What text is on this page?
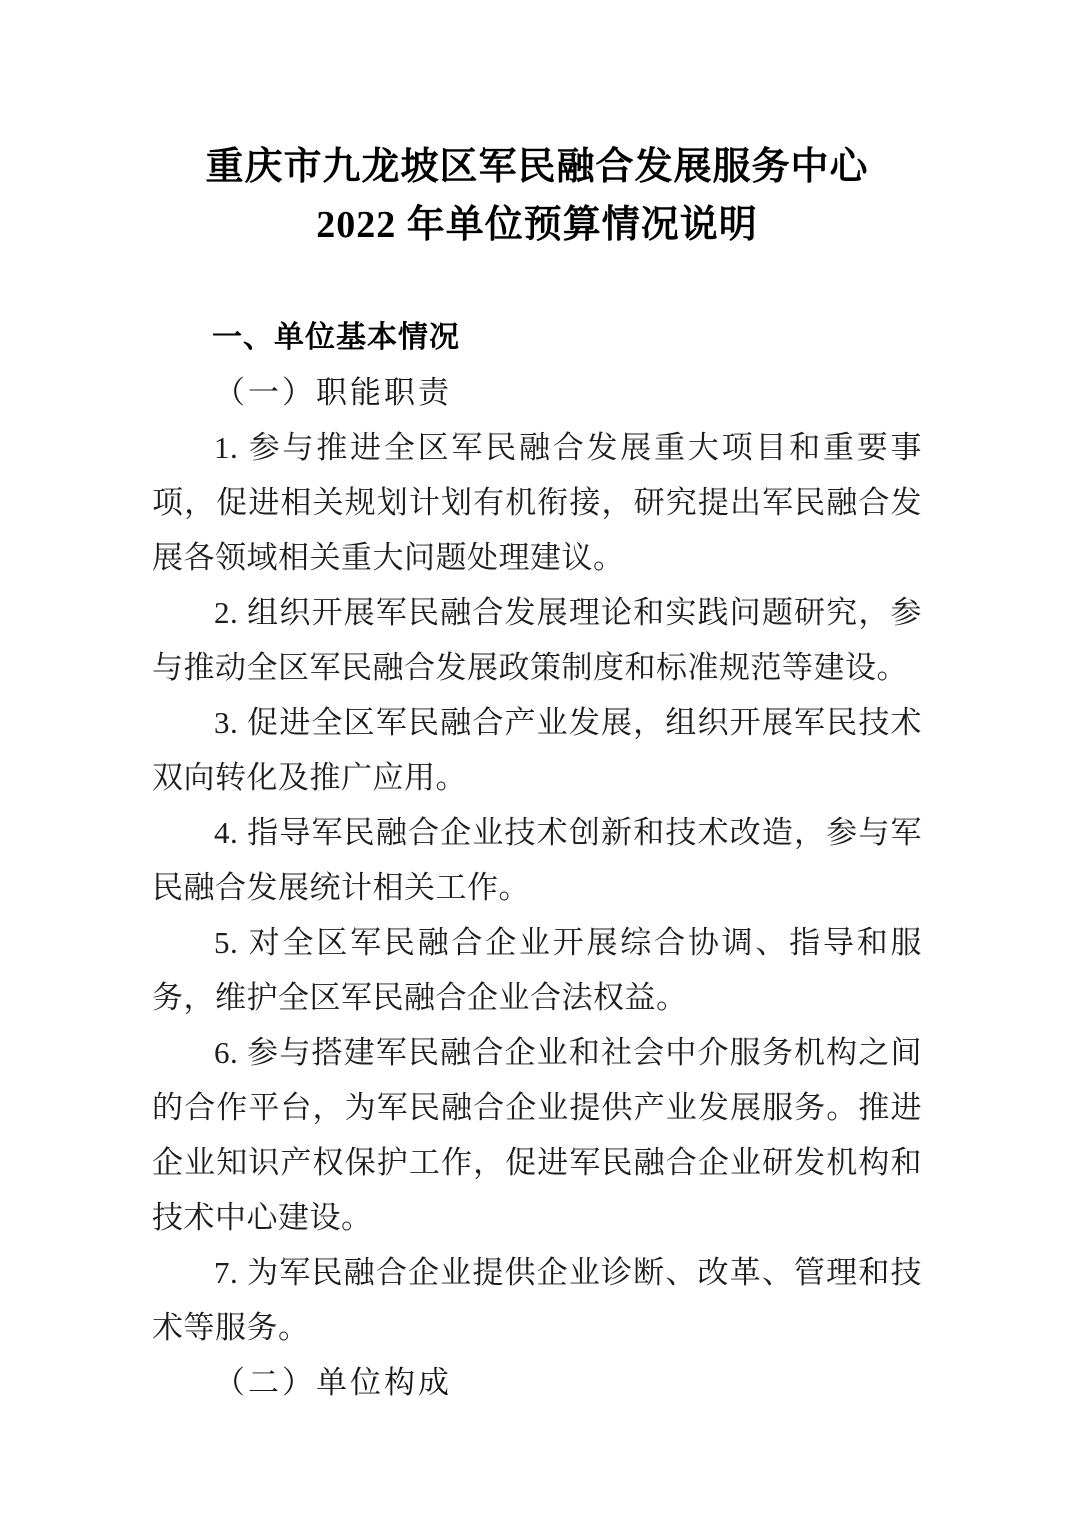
重庆市九龙坡区军民融合发展服务中心
2022 年单位预算情况说明
一、单位基本情况
（一）职能职责

1. 参与推进全区军民融合发展重大项目和重要事项，促进相关规划计划有机衔接，研究提出军民融合发展各领域相关重大问题处理建议。

2. 组织开展军民融合发展理论和实践问题研究，参与推动全区军民融合发展政策制度和标准规范等建设。

3. 促进全区军民融合产业发展，组织开展军民技术双向转化及推广应用。

4. 指导军民融合企业技术创新和技术改造，参与军民融合发展统计相关工作。

5. 对全区军民融合企业开展综合协调、指导和服务，维护全区军民融合企业合法权益。

6. 参与搭建军民融合企业和社会中介服务机构之间的合作平台，为军民融合企业提供产业发展服务。推进企业知识产权保护工作，促进军民融合企业研发机构和技术中心建设。

7. 为军民融合企业提供企业诊断、改革、管理和技术等服务。

（二）单位构成
